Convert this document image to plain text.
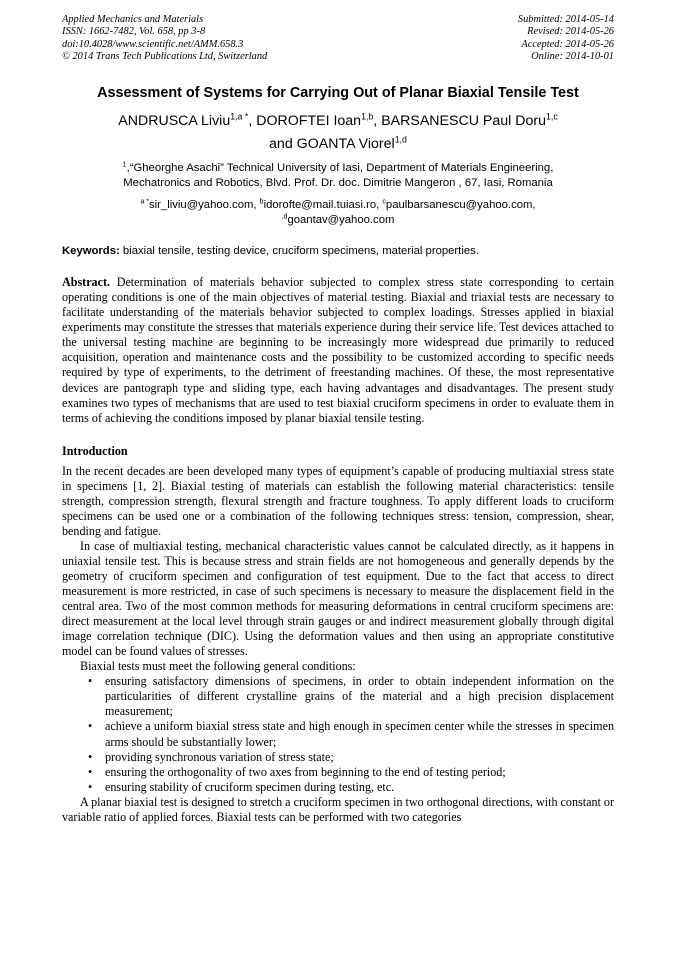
Applied Mechanics and Materials
ISSN: 1662-7482, Vol. 658, pp 3-8
doi:10.4028/www.scientific.net/AMM.658.3
© 2014 Trans Tech Publications Ltd, Switzerland
Submitted: 2014-05-14
Revised: 2014-05-26
Accepted: 2014-05-26
Online: 2014-10-01
Assessment of Systems for Carrying Out of Planar Biaxial Tensile Test
ANDRUSCA Liviu$^{1,a *}$, DOROFTEI Ioan$^{1,b}$, BARSANESCU Paul Doru$^{1,c}$
and GOANTA Viorel$^{1,d}$
$^1$,“Gheorghe Asachi” Technical University of Iasi, Department of Materials Engineering,
Mechatronics and Robotics, Blvd. Prof. Dr. doc. Dimitrie Mangeron , 67, Iasi, Romania
$^{a *}$sir_liviu@yahoo.com, $^b$idorofte@mail.tuiasi.ro, $^c$paulbarsanescu@yahoo.com,
$^{,d}$goantav@yahoo.com
Keywords: biaxial tensile, testing device, cruciform specimens, material properties.
Abstract. Determination of materials behavior subjected to complex stress state corresponding to certain operating conditions is one of the main objectives of material testing. Biaxial and triaxial tests are necessary to facilitate understanding of the materials behavior subjected to complex loadings. Stresses applied in biaxial experiments may constitute the stresses that materials experience during their service life. Test devices attached to the universal testing machine are beginning to be increasingly more widespread due primarily to reduced acquisition, operation and maintenance costs and the possibility to be customized according to specific needs required by type of experiments, to the detriment of freestanding machines. Of these, the most representative devices are pantograph type and sliding type, each having advantages and disadvantages. The present study examines two types of mechanisms that are used to test biaxial cruciform specimens in order to evaluate them in terms of achieving the conditions imposed by planar biaxial tensile testing.
Introduction

In the recent decades are been developed many types of equipment’s capable of producing multiaxial stress state in specimens [1, 2]. Biaxial testing of materials can establish the following material characteristics: tensile strength, compression strength, flexural strength and fracture toughness. To apply different loads to cruciform specimens can be used one or a combination of the following techniques stress: tension, compression, shear, bending and fatigue.

In case of multiaxial testing, mechanical characteristic values cannot be calculated directly, as it happens in uniaxial tensile test. This is because stress and strain fields are not homogeneous and generally depends by the geometry of cruciform specimen and configuration of test equipment. Due to the fact that access to direct measurement is more restricted, in case of such specimens is necessary to measure the displacement field in the central area. Two of the most common methods for measuring deformations in central cruciform specimens are: direct measurement at the local level through strain gauges or and indirect measurement globally through digital image correlation technique (DIC). Using the deformation values and then using an appropriate constitutive model can be found values of stresses.

Biaxial tests must meet the following general conditions:

• ensuring satisfactory dimensions of specimens, in order to obtain independent information on the particularities of different crystalline grains of the material and a high precision displacement measurement;
• achieve a uniform biaxial stress state and high enough in specimen center while the stresses in specimen arms should be substantially lower;
• providing synchronous variation of stress state;
• ensuring the orthogonality of two axes from beginning to the end of testing period;
• ensuring stability of cruciform specimen during testing, etc.

A planar biaxial test is designed to stretch a cruciform specimen in two orthogonal directions, with constant or variable ratio of applied forces. Biaxial tests can be performed with two categories
